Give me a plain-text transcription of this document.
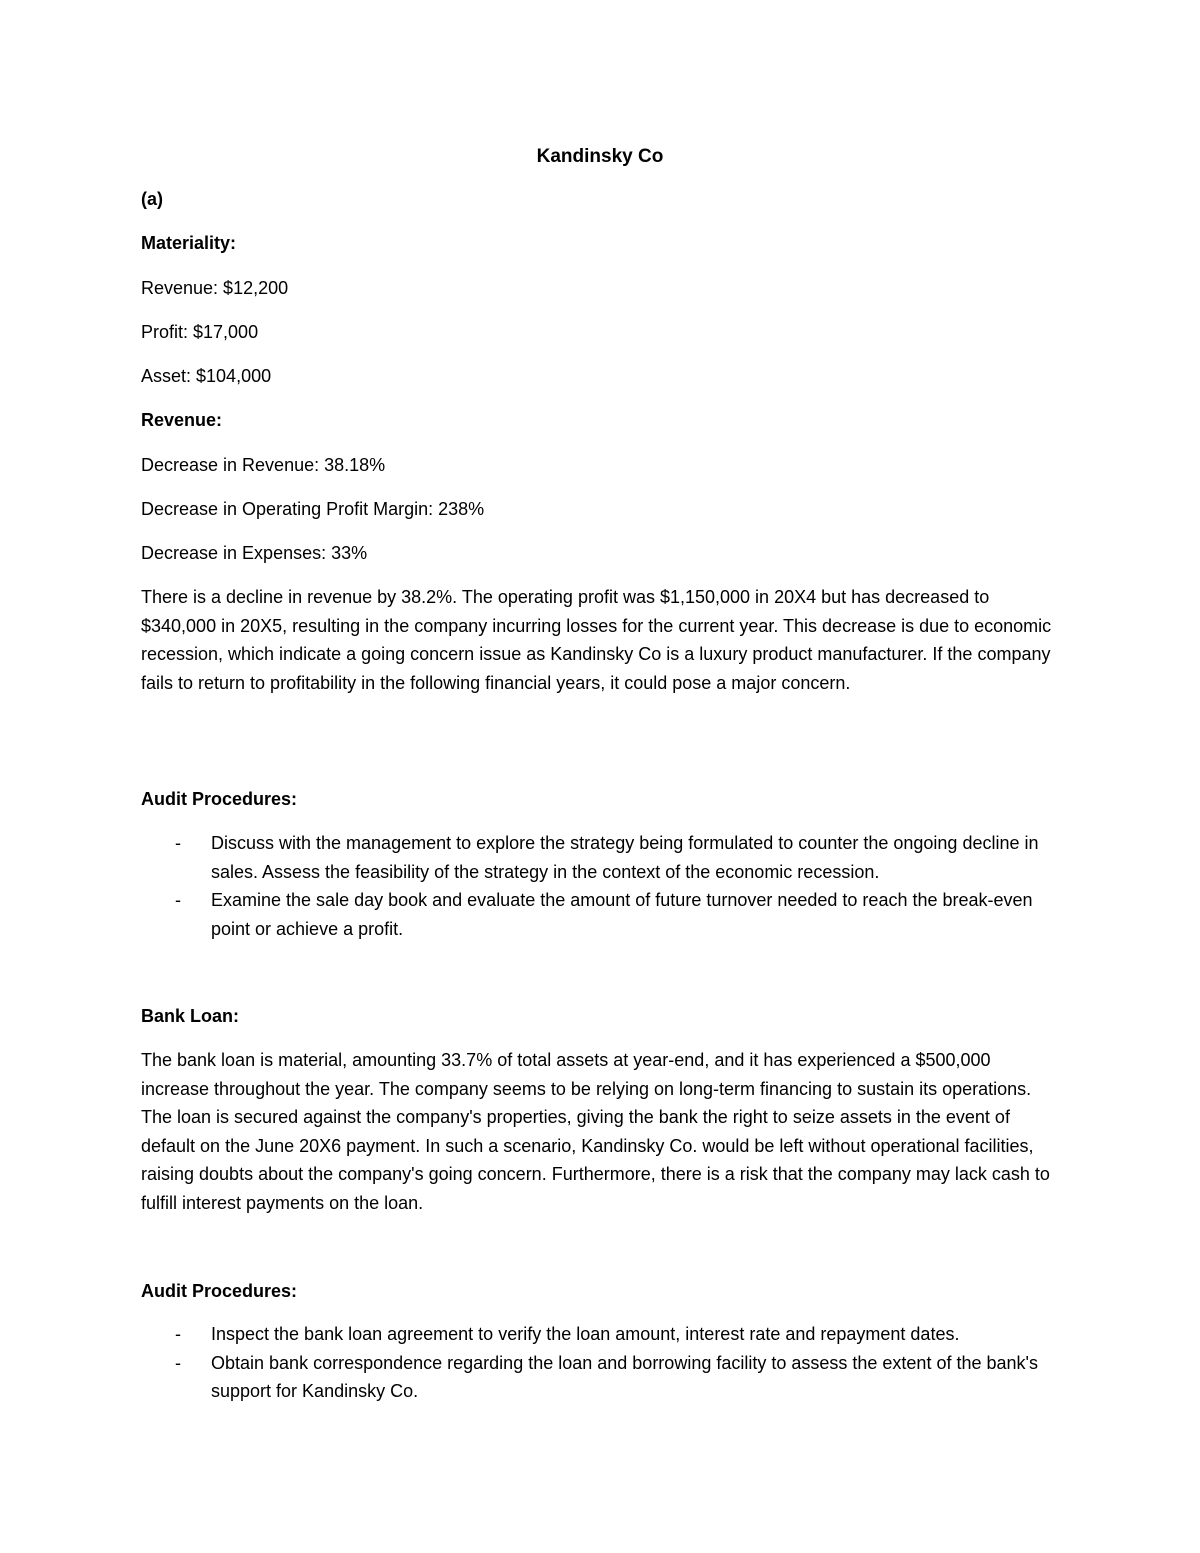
Kandinsky Co
(a)
Materiality:
Revenue: $12,200
Profit: $17,000
Asset: $104,000
Revenue:
Decrease in Revenue: 38.18%
Decrease in Operating Profit Margin: 238%
Decrease in Expenses: 33%
There is a decline in revenue by 38.2%. The operating profit was $1,150,000 in 20X4 but has decreased to $340,000 in 20X5, resulting in the company incurring losses for the current year. This decrease is due to economic recession, which indicate a going concern issue as Kandinsky Co is a luxury product manufacturer. If the company fails to return to profitability in the following financial years, it could pose a major concern.
Audit Procedures:
- Discuss with the management to explore the strategy being formulated to counter the ongoing decline in sales. Assess the feasibility of the strategy in the context of the economic recession.
- Examine the sale day book and evaluate the amount of future turnover needed to reach the break-even point or achieve a profit.
Bank Loan:
The bank loan is material, amounting 33.7% of total assets at year-end, and it has experienced a $500,000 increase throughout the year. The company seems to be relying on long-term financing to sustain its operations. The loan is secured against the company's properties, giving the bank the right to seize assets in the event of default on the June 20X6 payment. In such a scenario, Kandinsky Co. would be left without operational facilities, raising doubts about the company's going concern. Furthermore, there is a risk that the company may lack cash to fulfill interest payments on the loan.
Audit Procedures:
- Inspect the bank loan agreement to verify the loan amount, interest rate and repayment dates.
- Obtain bank correspondence regarding the loan and borrowing facility to assess the extent of the bank's support for Kandinsky Co.
